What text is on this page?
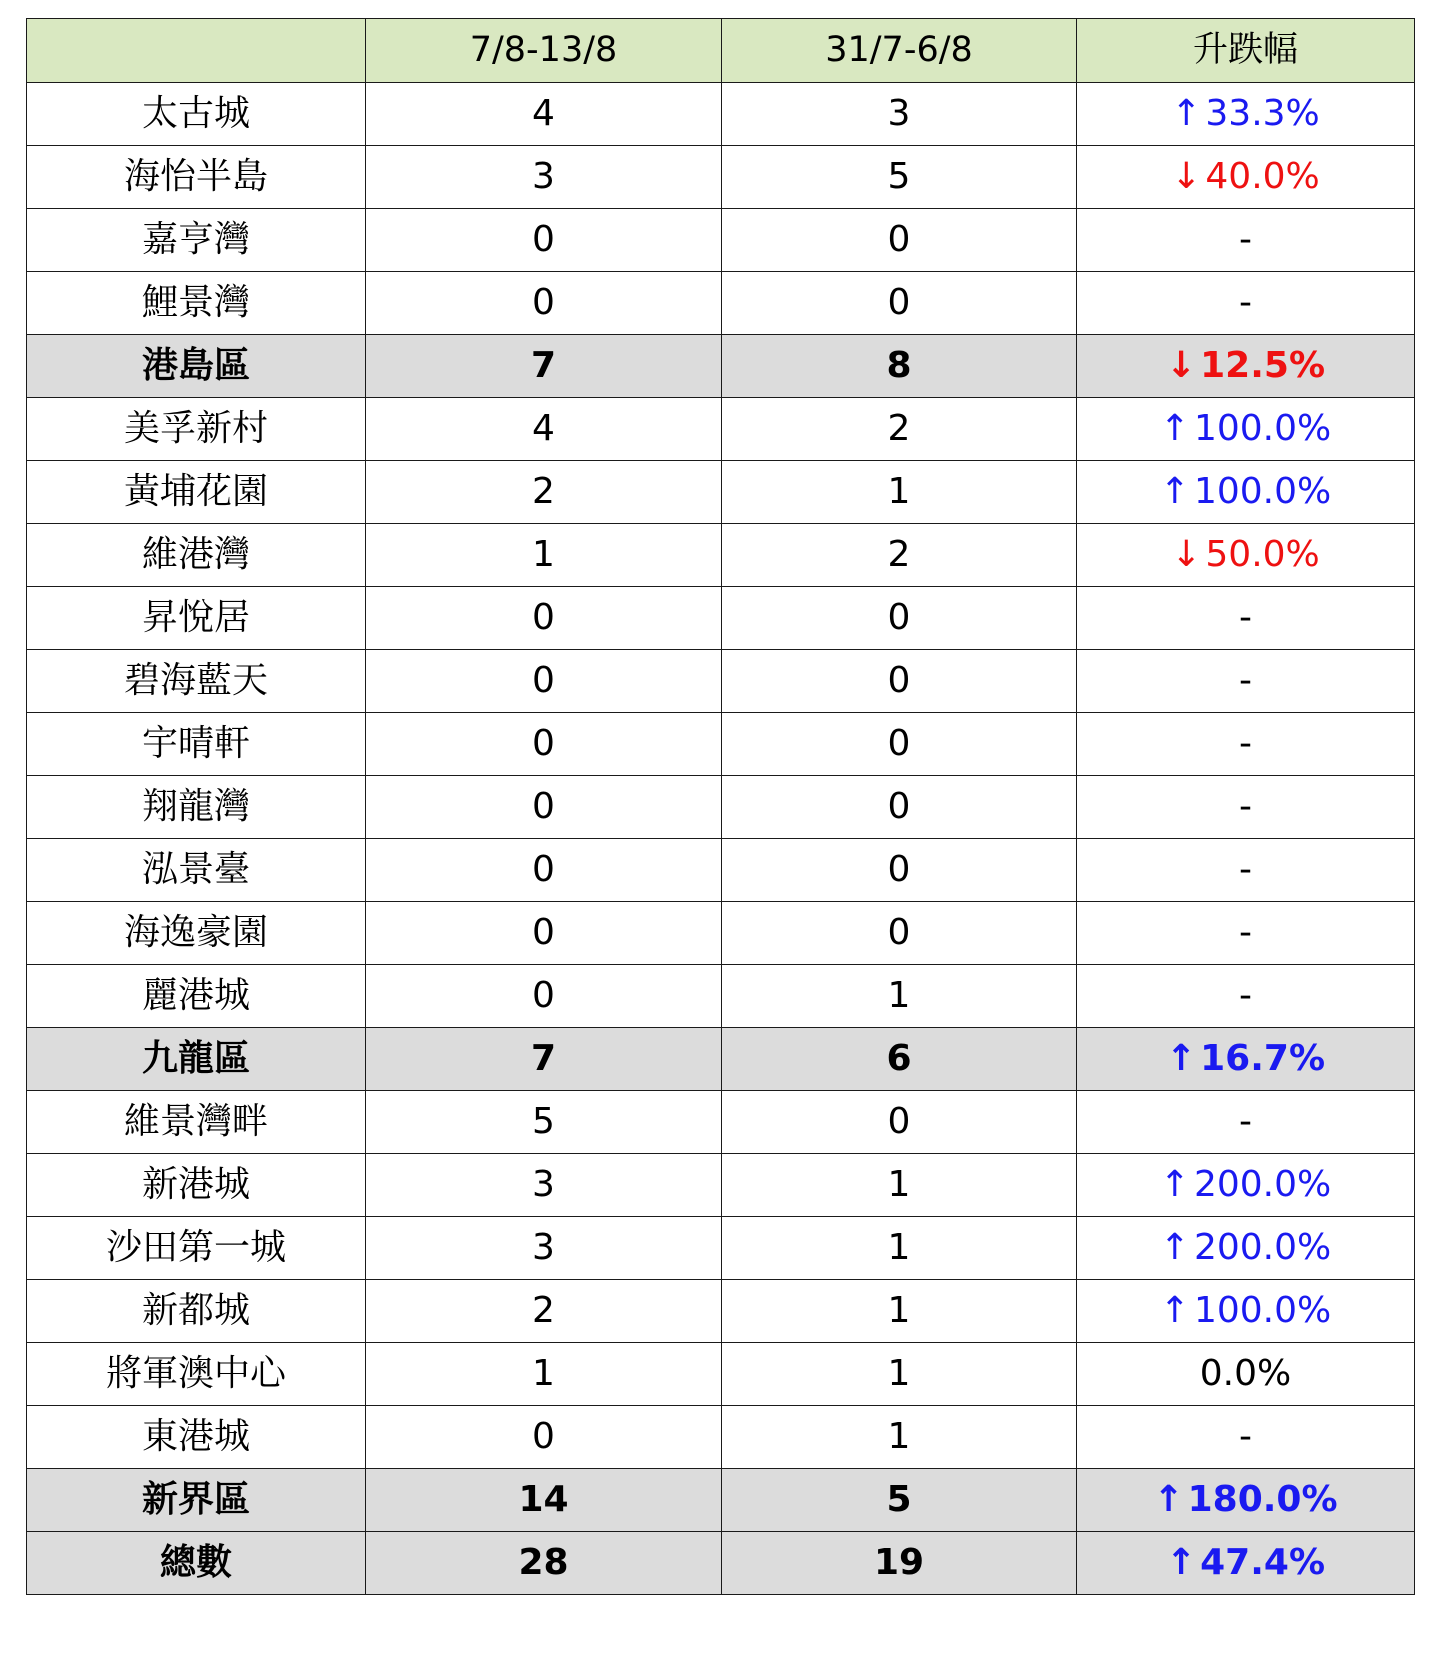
	7/8-13/8	31/7-6/8	升跌幅
太古城	4	3	↑ 33.3%
海怡半島	3	5	↓ 40.0%
嘉亨灣	0	0	-
鯉景灣	0	0	-
港島區	7	8	↓ 12.5%
美孚新村	4	2	↑ 100.0%
黃埔花園	2	1	↑ 100.0%
維港灣	1	2	↓ 50.0%
昇悅居	0	0	-
碧海藍天	0	0	-
宇晴軒	0	0	-
翔龍灣	0	0	-
泓景臺	0	0	-
海逸豪園	0	0	-
麗港城	0	1	-
九龍區	7	6	↑ 16.7%
維景灣畔	5	0	-
新港城	3	1	↑ 200.0%
沙田第一城	3	1	↑ 200.0%
新都城	2	1	↑ 100.0%
將軍澳中心	1	1	0.0%
東港城	0	1	-
新界區	14	5	↑ 180.0%
總數	28	19	↑ 47.4%
